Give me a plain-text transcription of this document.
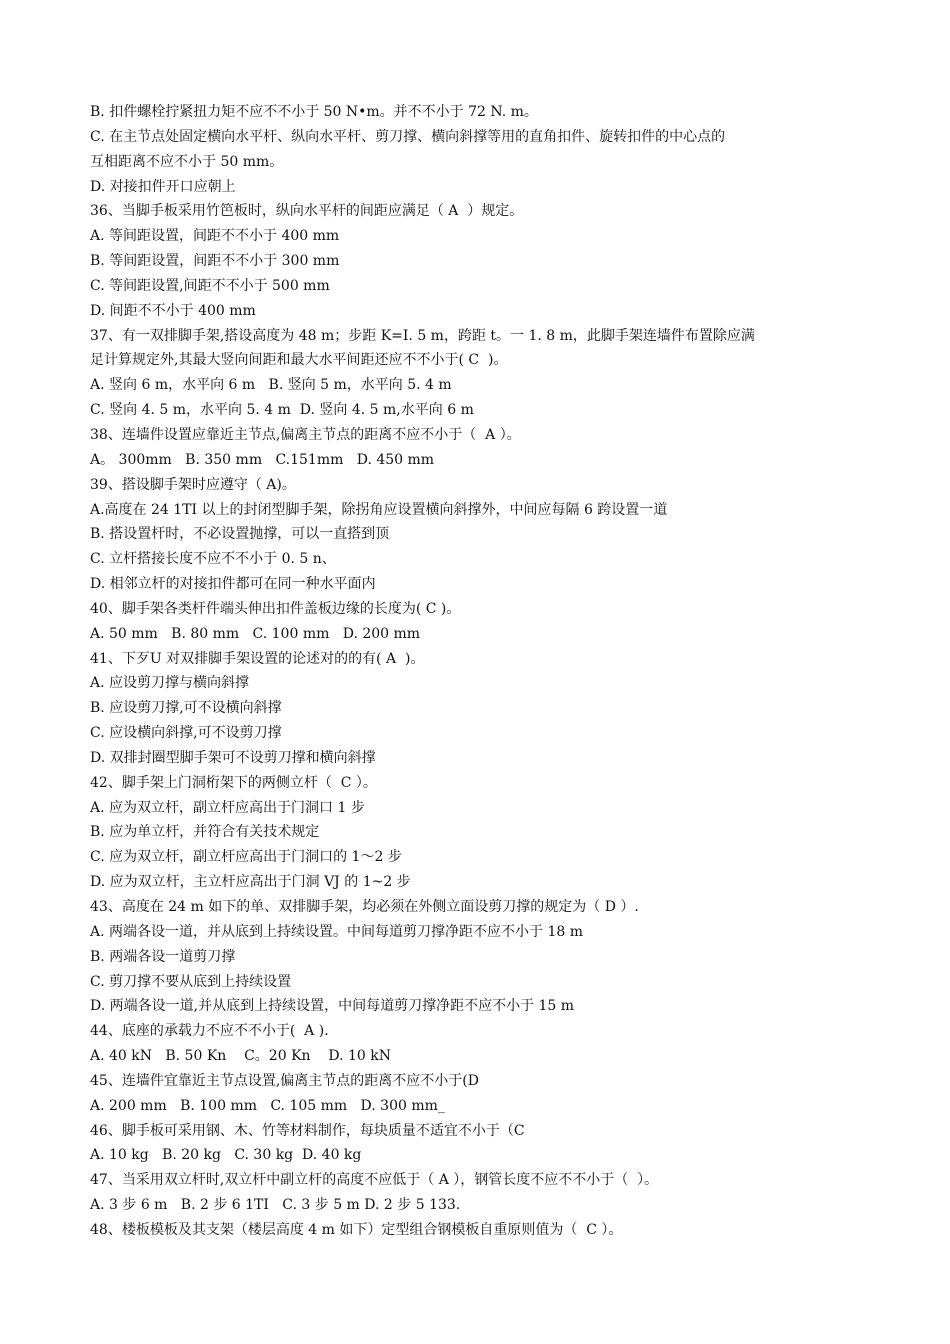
B. 扣件螺栓拧紧扭力矩不应不不小于 50 N•m。并不不小于 72 N. m。
C. 在主节点处固定横向水平杆、纵向水平杆、剪刀撑、横向斜撑等用的直角扣件、旋转扣件的中心点的
互相距离不应不小于 50 mm。
D. 对接扣件开口应朝上
36、当脚手板采用竹笆板时，纵向水平杆的间距应满足（ A  ）规定。
A. 等间距设置，间距不不小于 400 mm
B. 等间距设置，间距不不小于 300 mm
C. 等间距设置,间距不不小于 500 mm
D. 间距不不小于 400 mm
37、有一双排脚手架,搭设高度为 48 m；步距 K=I. 5 m，跨距 t。一 1. 8 m，此脚手架连墙件布置除应满
足计算规定外,其最大竖向间距和最大水平间距还应不不小于( C  )。
A. 竖向 6 m，水平向 6 m   B. 竖向 5 m，水平向 5. 4 m
C. 竖向 4. 5 m，水平向 5. 4 m  D. 竖向 4. 5 m,水平向 6 m
38、连墙件设置应靠近主节点,偏离主节点的距离不应不小于（  A ）。
A。 300mm   B. 350 mm   C.151mm   D. 450 mm
39、搭设脚手架时应遵守（ A)。
A.高度在 24 1TI 以上的封闭型脚手架，除拐角应设置横向斜撑外，中间应每隔 6 跨设置一道
B. 搭设置杆时，不必设置抛撑，可以一直搭到顶
C. 立杆搭接长度不应不不小于 0. 5 n、
D. 相邻立杆的对接扣件都可在同一种水平面内
40、脚手架各类杆件端头伸出扣件盖板边缘的长度为( C )。
A. 50 mm   B. 80 mm   C. 100 mm   D. 200 mm
41、下歹U 对双排脚手架设置的论述对的的有( A  )。
A. 应设剪刀撑与横向斜撑
B. 应设剪刀撑,可不设横向斜撑
C. 应设横向斜撑,可不设剪刀撑
D. 双排封圈型脚手架可不设剪刀撑和横向斜撑
42、脚手架上门洞桁架下的两侧立杆（  C ）。
A. 应为双立杆，副立杆应高出于门洞口 1 步
B. 应为单立杆，并符合有关技术规定
C. 应为双立杆，副立杆应高出于门洞口的 1～2 步
D. 应为双立杆，主立杆应高出于门洞 VJ 的 1~2 步
43、高度在 24 m 如下的单、双排脚手架，均必须在外侧立面设剪刀撑的规定为（ D ）.
A. 两端各设一道，并从底到上持续设置。中间每道剪刀撑净距不应不小于 18 m
B. 两端各设一道剪刀撑
C. 剪刀撑不要从底到上持续设置
D. 两端各设一道,并从底到上持续设置，中间每道剪刀撑净距不应不小于 15 m
44、底座的承载力不应不不小于(  A ).
A. 40 kN   B. 50 Kn    C。20 Kn    D. 10 kN
45、连墙件宜靠近主节点设置,偏离主节点的距离不应不小于(D
A. 200 mm   B. 100 mm   C. 105 mm   D. 300 mm_
46、脚手板可采用钢、木、竹等材料制作，每块质量不适宜不小于（C
A. 10 kg   B. 20 kg   C. 30 kg  D. 40 kg
47、当采用双立杆时,双立杆中副立杆的高度不应低于（ A ），钢管长度不应不不小于（  ）。
A. 3 步 6 m   B. 2 步 6 1TI   C. 3 步 5 m D. 2 步 5 133.
48、楼板模板及其支架（楼层高度 4 m 如下）定型组合钢模板自重原则值为（  C ）。
